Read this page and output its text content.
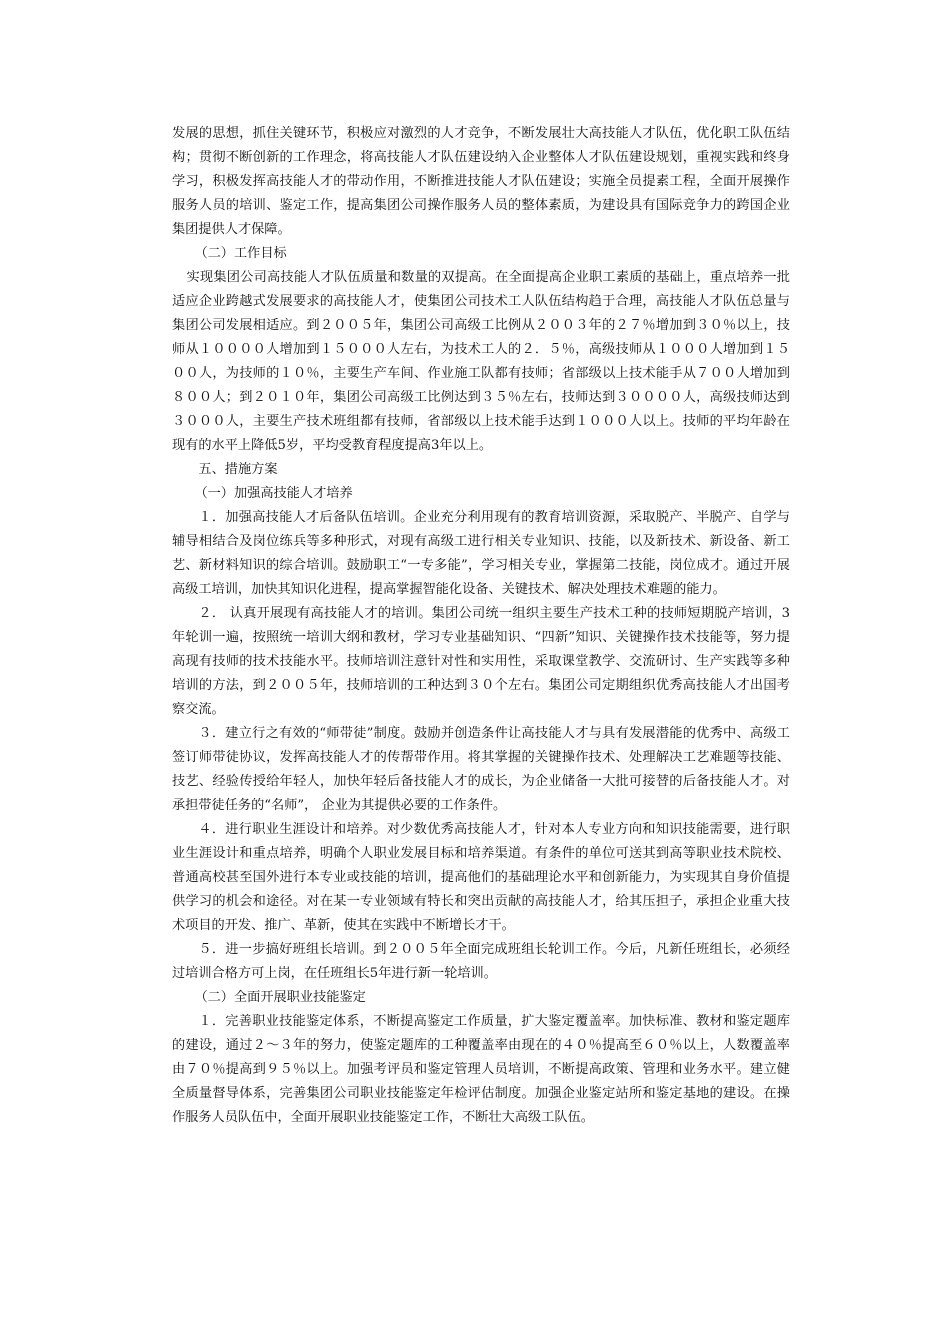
发展的思想，抓住关键环节，积极应对激烈的人才竞争，不断发展壮大高技能人才队伍，优化职工队伍结构；贯彻不断创新的工作理念，将高技能人才队伍建设纳入企业整体人才队伍建设规划，重视实践和终身学习，积极发挥高技能人才的带动作用，不断推进技能人才队伍建设；实施全员提素工程，全面开展操作服务人员的培训、鉴定工作，提高集团公司操作服务人员的整体素质，为建设具有国际竞争力的跨国企业集团提供人才保障。

（二）工作目标

实现集团公司高技能人才队伍质量和数量的双提高。在全面提高企业职工素质的基础上，重点培养一批适应企业跨越式发展要求的高技能人才，使集团公司技术工人队伍结构趋于合理，高技能人才队伍总量与集团公司发展相适应。到２００５年，集团公司高级工比例从２００３年的２７％增加到３０％以上，技师从１００００人增加到１５０００人左右，为技术工人的２．５％，高级技师从１０００人增加到１５００人，为技师的１０％，主要生产车间、作业施工队都有技师；省部级以上技术能手从７００人增加到８００人；到２０１０年，集团公司高级工比例达到３５％左右，技师达到３００００人，高级技师达到３０００人，主要生产技术班组都有技师，省部级以上技术能手达到１０００人以上。技师的平均年龄在现有的水平上降低5岁，平均受教育程度提高3年以上。

五、措施方案

（一）加强高技能人才培养

１．加强高技能人才后备队伍培训。企业充分利用现有的教育培训资源，采取脱产、半脱产、自学与辅导相结合及岗位练兵等多种形式，对现有高级工进行相关专业知识、技能，以及新技术、新设备、新工艺、新材料知识的综合培训。鼓励职工“一专多能”，学习相关专业，掌握第二技能，岗位成才。通过开展高级工培训，加快其知识化进程，提高掌握智能化设备、关键技术、解决处理技术难题的能力。

２． 认真开展现有高技能人才的培训。集团公司统一组织主要生产技术工种的技师短期脱产培训，3年轮训一遍，按照统一培训大纲和教材，学习专业基础知识、“四新”知识、关键操作技术技能等，努力提高现有技师的技术技能水平。技师培训注意针对性和实用性，采取课堂教学、交流研讨、生产实践等多种培训的方法，到２００５年，技师培训的工种达到３０个左右。集团公司定期组织优秀高技能人才出国考察交流。

３．建立行之有效的“师带徒”制度。鼓励并创造条件让高技能人才与具有发展潜能的优秀中、高级工签订师带徒协议，发挥高技能人才的传帮带作用。将其掌握的关键操作技术、处理解决工艺难题等技能、技艺、经验传授给年轻人，加快年轻后备技能人才的成长，为企业储备一大批可接替的后备技能人才。对承担带徒任务的“名师”， 企业为其提供必要的工作条件。

４．进行职业生涯设计和培养。对少数优秀高技能人才，针对本人专业方向和知识技能需要，进行职业生涯设计和重点培养，明确个人职业发展目标和培养渠道。有条件的单位可送其到高等职业技术院校、普通高校甚至国外进行本专业或技能的培训，提高他们的基础理论水平和创新能力，为实现其自身价值提供学习的机会和途径。对在某一专业领域有特长和突出贡献的高技能人才，给其压担子，承担企业重大技术项目的开发、推广、革新，使其在实践中不断增长才干。

５．进一步搞好班组长培训。到２００５年全面完成班组长轮训工作。今后，凡新任班组长，必须经过培训合格方可上岗，在任班组长5年进行新一轮培训。

（二）全面开展职业技能鉴定

１．完善职业技能鉴定体系，不断提高鉴定工作质量，扩大鉴定覆盖率。加快标准、教材和鉴定题库的建设，通过２～３年的努力，使鉴定题库的工种覆盖率由现在的４０％提高至６０％以上，人数覆盖率由７０％提高到９５％以上。加强考评员和鉴定管理人员培训，不断提高政策、管理和业务水平。建立健全质量督导体系，完善集团公司职业技能鉴定年检评估制度。加强企业鉴定站所和鉴定基地的建设。在操作服务人员队伍中，全面开展职业技能鉴定工作，不断壮大高级工队伍。
